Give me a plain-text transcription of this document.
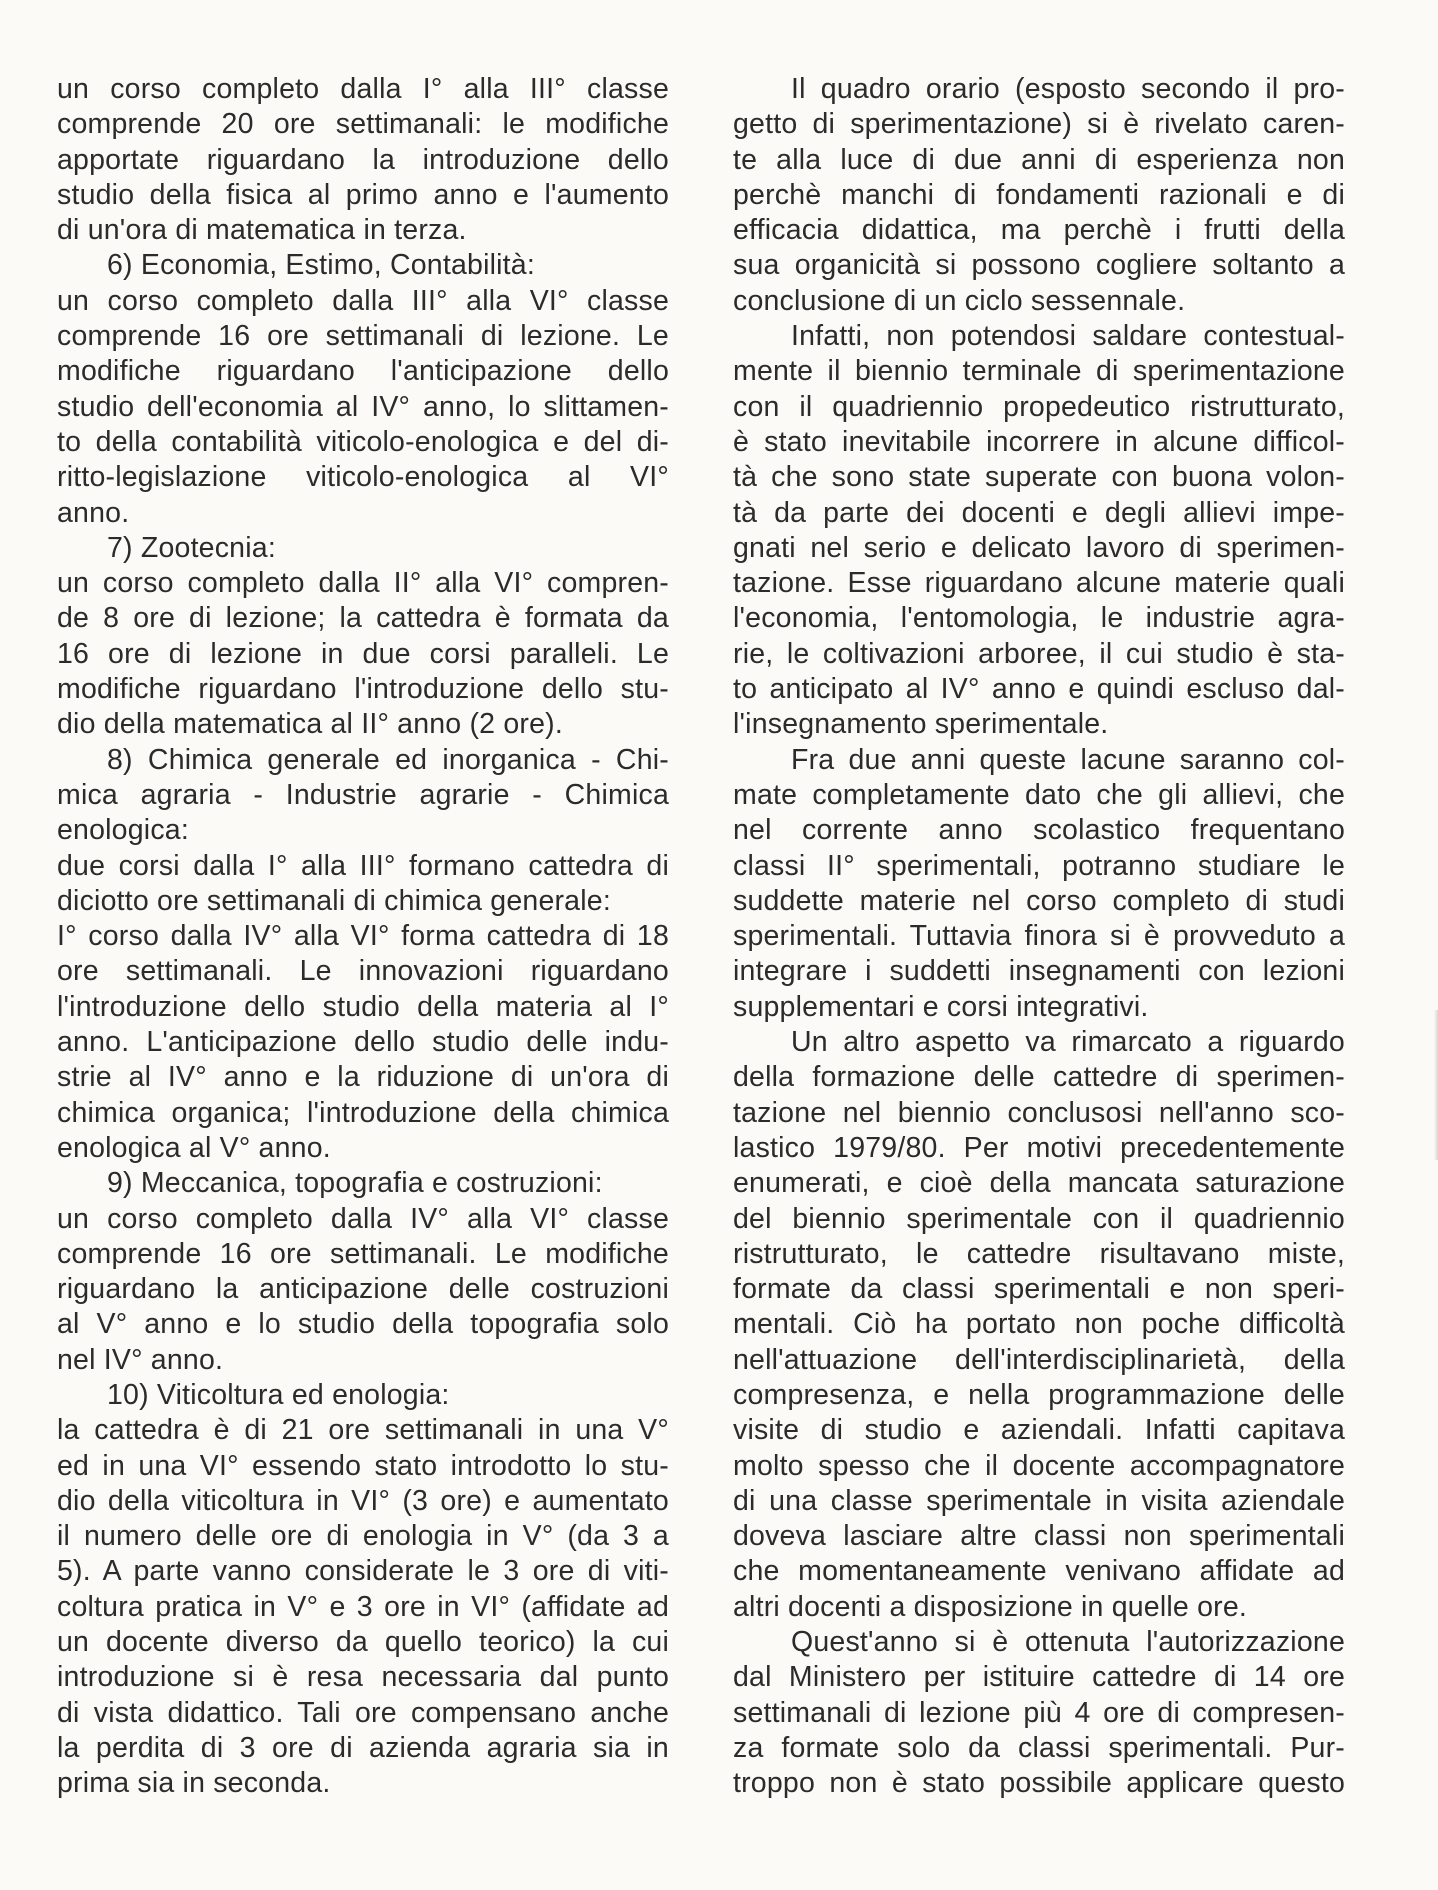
un corso completo dalla I° alla III° classe
comprende 20 ore settimanali: le modifiche
apportate riguardano la introduzione dello
studio della fisica al primo anno e l'aumento
di un'ora di matematica in terza.
6) Economia, Estimo, Contabilità:
un corso completo dalla III° alla VI° classe
comprende 16 ore settimanali di lezione. Le
modifiche riguardano l'anticipazione dello
studio dell'economia al IV° anno, lo slittamen-
to della contabilità viticolo-enologica e del di-
ritto-legislazione viticolo-enologica al VI°
anno.
7) Zootecnia:
un corso completo dalla II° alla VI° compren-
de 8 ore di lezione; la cattedra è formata da
16 ore di lezione in due corsi paralleli. Le
modifiche riguardano l'introduzione dello stu-
dio della matematica al II° anno (2 ore).
8) Chimica generale ed inorganica - Chi-
mica agraria - Industrie agrarie - Chimica
enologica:
due corsi dalla I° alla III° formano cattedra di
diciotto ore settimanali di chimica generale:
I° corso dalla IV° alla VI° forma cattedra di 18
ore settimanali. Le innovazioni riguardano
l'introduzione dello studio della materia al I°
anno. L'anticipazione dello studio delle indu-
strie al IV° anno e la riduzione di un'ora di
chimica organica; l'introduzione della chimica
enologica al V° anno.
9) Meccanica, topografia e costruzioni:
un corso completo dalla IV° alla VI° classe
comprende 16 ore settimanali. Le modifiche
riguardano la anticipazione delle costruzioni
al V° anno e lo studio della topografia solo
nel IV° anno.
10) Viticoltura ed enologia:
la cattedra è di 21 ore settimanali in una V°
ed in una VI° essendo stato introdotto lo stu-
dio della viticoltura in VI° (3 ore) e aumentato
il numero delle ore di enologia in V° (da 3 a
5). A parte vanno considerate le 3 ore di viti-
coltura pratica in V° e 3 ore in VI° (affidate ad
un docente diverso da quello teorico) la cui
introduzione si è resa necessaria dal punto
di vista didattico. Tali ore compensano anche
la perdita di 3 ore di azienda agraria sia in
prima sia in seconda.
Il quadro orario (esposto secondo il pro-
getto di sperimentazione) si è rivelato caren-
te alla luce di due anni di esperienza non
perchè manchi di fondamenti razionali e di
efficacia didattica, ma perchè i frutti della
sua organicità si possono cogliere soltanto a
conclusione di un ciclo sessennale.
Infatti, non potendosi saldare contestual-
mente il biennio terminale di sperimentazione
con il quadriennio propedeutico ristrutturato,
è stato inevitabile incorrere in alcune difficol-
tà che sono state superate con buona volon-
tà da parte dei docenti e degli allievi impe-
gnati nel serio e delicato lavoro di sperimen-
tazione. Esse riguardano alcune materie quali
l'economia, l'entomologia, le industrie agra-
rie, le coltivazioni arboree, il cui studio è sta-
to anticipato al IV° anno e quindi escluso dal-
l'insegnamento sperimentale.
Fra due anni queste lacune saranno col-
mate completamente dato che gli allievi, che
nel corrente anno scolastico frequentano
classi II° sperimentali, potranno studiare le
suddette materie nel corso completo di studi
sperimentali. Tuttavia finora si è provveduto a
integrare i suddetti insegnamenti con lezioni
supplementari e corsi integrativi.
Un altro aspetto va rimarcato a riguardo
della formazione delle cattedre di sperimen-
tazione nel biennio conclusosi nell'anno sco-
lastico 1979/80. Per motivi precedentemente
enumerati, e cioè della mancata saturazione
del biennio sperimentale con il quadriennio
ristrutturato, le cattedre risultavano miste,
formate da classi sperimentali e non speri-
mentali. Ciò ha portato non poche difficoltà
nell'attuazione dell'interdisciplinarietà, della
compresenza, e nella programmazione delle
visite di studio e aziendali. Infatti capitava
molto spesso che il docente accompagnatore
di una classe sperimentale in visita aziendale
doveva lasciare altre classi non sperimentali
che momentaneamente venivano affidate ad
altri docenti a disposizione in quelle ore.
Quest'anno si è ottenuta l'autorizzazione
dal Ministero per istituire cattedre di 14 ore
settimanali di lezione più 4 ore di compresen-
za formate solo da classi sperimentali. Pur-
troppo non è stato possibile applicare questo
